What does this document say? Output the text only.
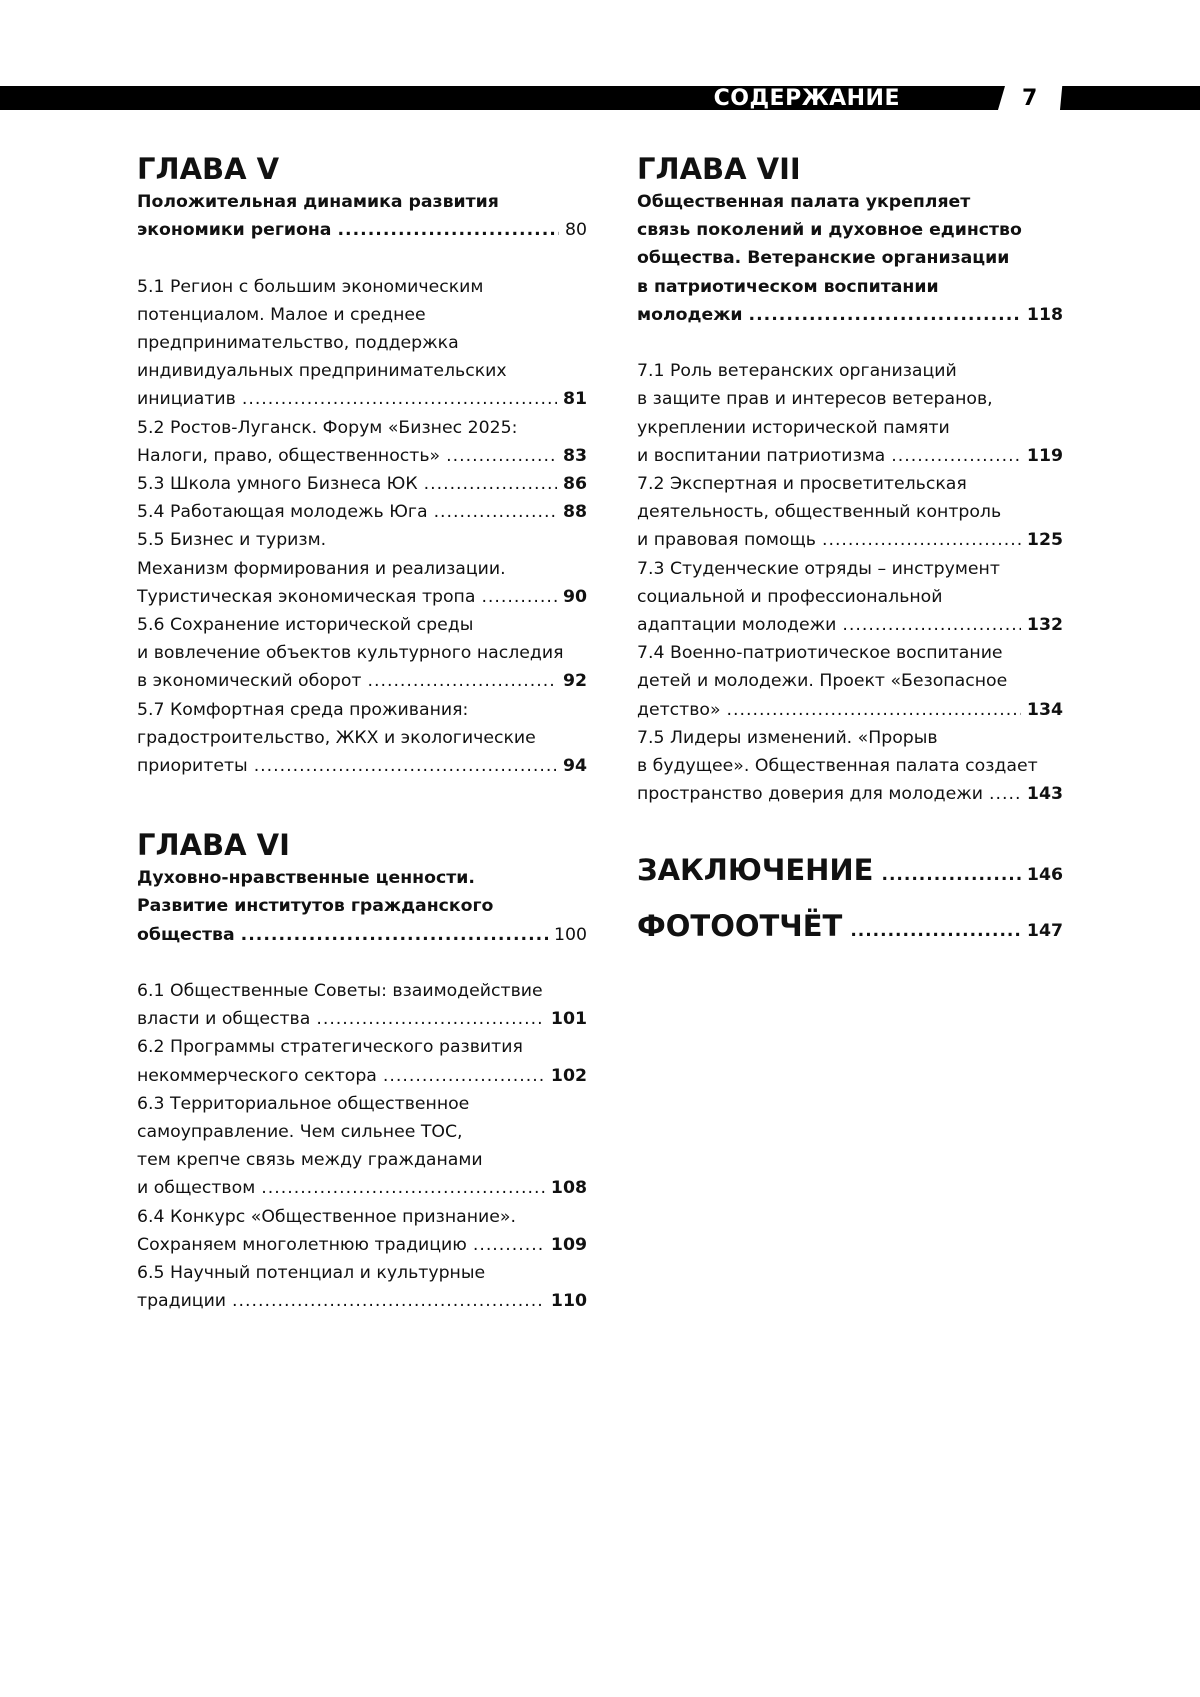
СОДЕРЖАНИЕ	7
ГЛАВА V
Положительная динамика развития
экономики региона .....	80
5.1 Регион с большим экономическим
потенциалом. Малое и среднее
предпринимательство, поддержка
индивидуальных предпринимательских
инициатив .....	81
5.2 Ростов-Луганск. Форум «Бизнес 2025:
Налоги, право, общественность» .....	83
5.3 Школа умного Бизнеса ЮК .....	86
5.4 Работающая молодежь Юга .....	88
5.5 Бизнес и туризм.
Механизм формирования и реализации.
Туристическая экономическая тропа .....	90
5.6 Сохранение исторической среды
и вовлечение объектов культурного наследия
в экономический оборот .....	92
5.7 Комфортная среда проживания:
градостроительство, ЖКХ и экологические
приоритеты .....	94
ГЛАВА VI
Духовно-нравственные ценности.
Развитие институтов гражданского
общества .....	100
6.1 Общественные Советы: взаимодействие
власти и общества .....	101
6.2 Программы стратегического развития
некоммерческого сектора .....	102
6.3 Территориальное общественное
самоуправление. Чем сильнее ТОС,
тем крепче связь между гражданами
и обществом .....	108
6.4 Конкурс «Общественное признание».
Сохраняем многолетнюю традицию .....	109
6.5 Научный потенциал и культурные
традиции .....	110
ГЛАВА VII
Общественная палата укрепляет
связь поколений и духовное единство
общества. Ветеранские организации
в патриотическом воспитании
молодежи .....	118
7.1 Роль ветеранских организаций
в защите прав и интересов ветеранов,
укреплении исторической памяти
и воспитании патриотизма .....	119
7.2 Экспертная и просветительская
деятельность, общественный контроль
и правовая помощь .....	125
7.3 Студенческие отряды – инструмент
социальной и профессиональной
адаптации молодежи .....	132
7.4 Военно-патриотическое воспитание
детей и молодежи. Проект «Безопасное
детство» .....	134
7.5 Лидеры изменений. «Прорыв
в будущее». Общественная палата создает
пространство доверия для молодежи .....	143
ЗАКЛЮЧЕНИЕ .....	146
ФОТООТЧЁТ .....	147
